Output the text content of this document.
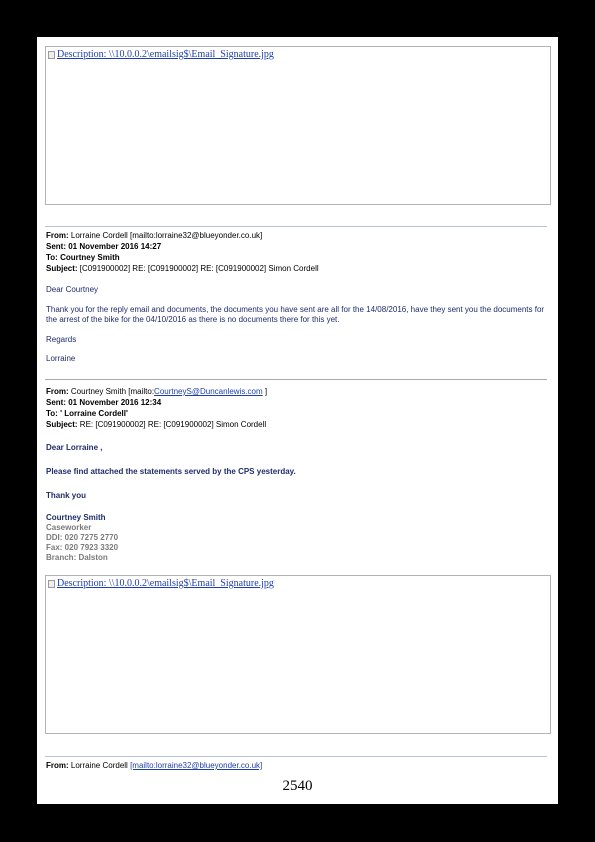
Description: \\10.0.0.2\emailsig$\Email_Signature.jpg
From: Lorraine Cordell [mailto:lorraine32@blueyonder.co.uk]
Sent: 01 November 2016 14:27
To: Courtney Smith
Subject: [C091900002] RE: [C091900002] RE: [C091900002] Simon Cordell
Dear Courtney
Thank you for the reply email and documents, the documents you have sent are all for the 14/08/2016, have they sent you the documents for the arrest of the bike for the 04/10/2016 as there is no documents there for this yet.
Regards
Lorraine
From: Courtney Smith [mailto:CourtneyS@Duncanlewis.com ]
Sent: 01 November 2016 12:34
To: ' Lorraine Cordell'
Subject: RE: [C091900002] RE: [C091900002] Simon Cordell
Dear Lorraine ,
Please find attached the statements served by the CPS yesterday.
Thank you
Courtney Smith
Caseworker
DDI: 020 7275 2770
Fax: 020 7923 3320
Branch: Dalston
Description: \\10.0.0.2\emailsig$\Email_Signature.jpg
From: Lorraine Cordell [mailto:lorraine32@blueyonder.co.uk]
2540
